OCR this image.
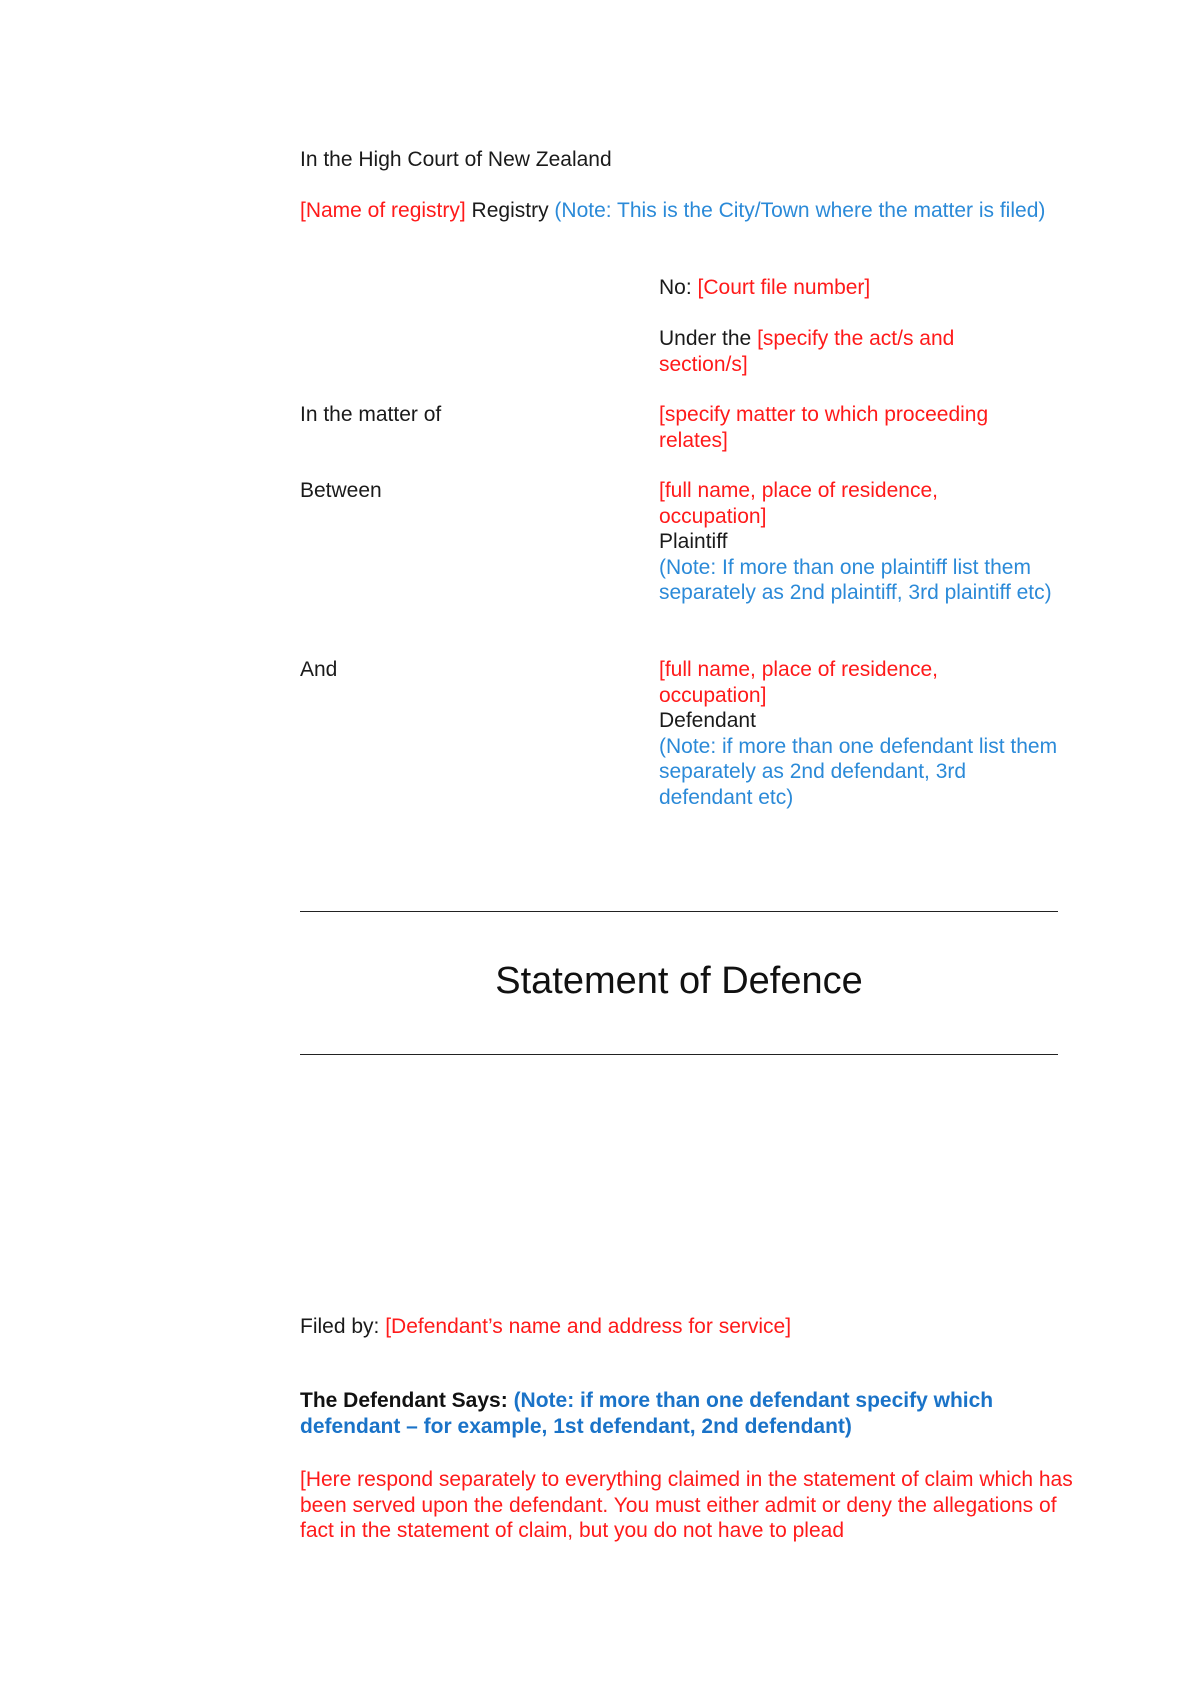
In the High Court of New Zealand
[Name of registry] Registry (Note: This is the City/Town where the matter is filed)
No: [Court file number]
Under the [specify the act/s and section/s]
In the matter of	[specify matter to which proceeding relates]
Between	[full name, place of residence, occupation]
Plaintiff
(Note: If more than one plaintiff list them separately as 2nd plaintiff, 3rd plaintiff etc)
And	[full name, place of residence, occupation]
Defendant
(Note: if more than one defendant list them separately as 2nd defendant, 3rd defendant etc)
Statement of Defence
Filed by: [Defendant’s name and address for service]
The Defendant Says: (Note: if more than one defendant specify which defendant – for example, 1st defendant, 2nd defendant)
[Here respond separately to everything claimed in the statement of claim which has been served upon the defendant. You must either admit or deny the allegations of fact in the statement of claim, but you do not have to plead
